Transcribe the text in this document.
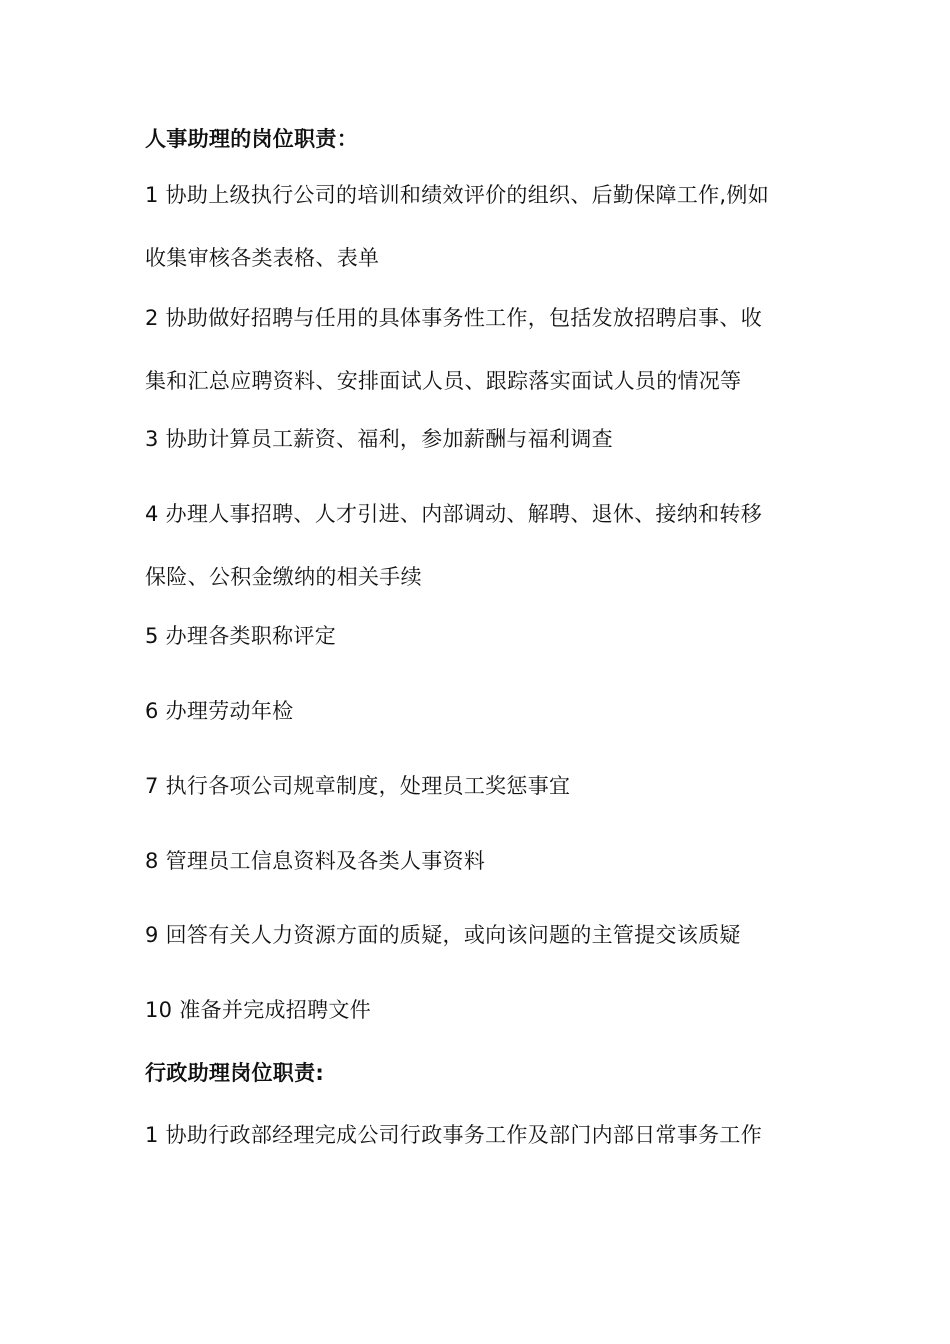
人事助理的岗位职责：
1 协助上级执行公司的培训和绩效评价的组织、后勤保障工作,例如
收集审核各类表格、表单
2 协助做好招聘与任用的具体事务性工作，包括发放招聘启事、收
集和汇总应聘资料、安排面试人员、跟踪落实面试人员的情况等
3 协助计算员工薪资、福利，参加薪酬与福利调查
4 办理人事招聘、人才引进、内部调动、解聘、退休、接纳和转移
保险、公积金缴纳的相关手续
5 办理各类职称评定
6 办理劳动年检
7 执行各项公司规章制度，处理员工奖惩事宜
8 管理员工信息资料及各类人事资料
9 回答有关人力资源方面的质疑，或向该问题的主管提交该质疑
10 准备并完成招聘文件
行政助理岗位职责:
1 协助行政部经理完成公司行政事务工作及部门内部日常事务工作
